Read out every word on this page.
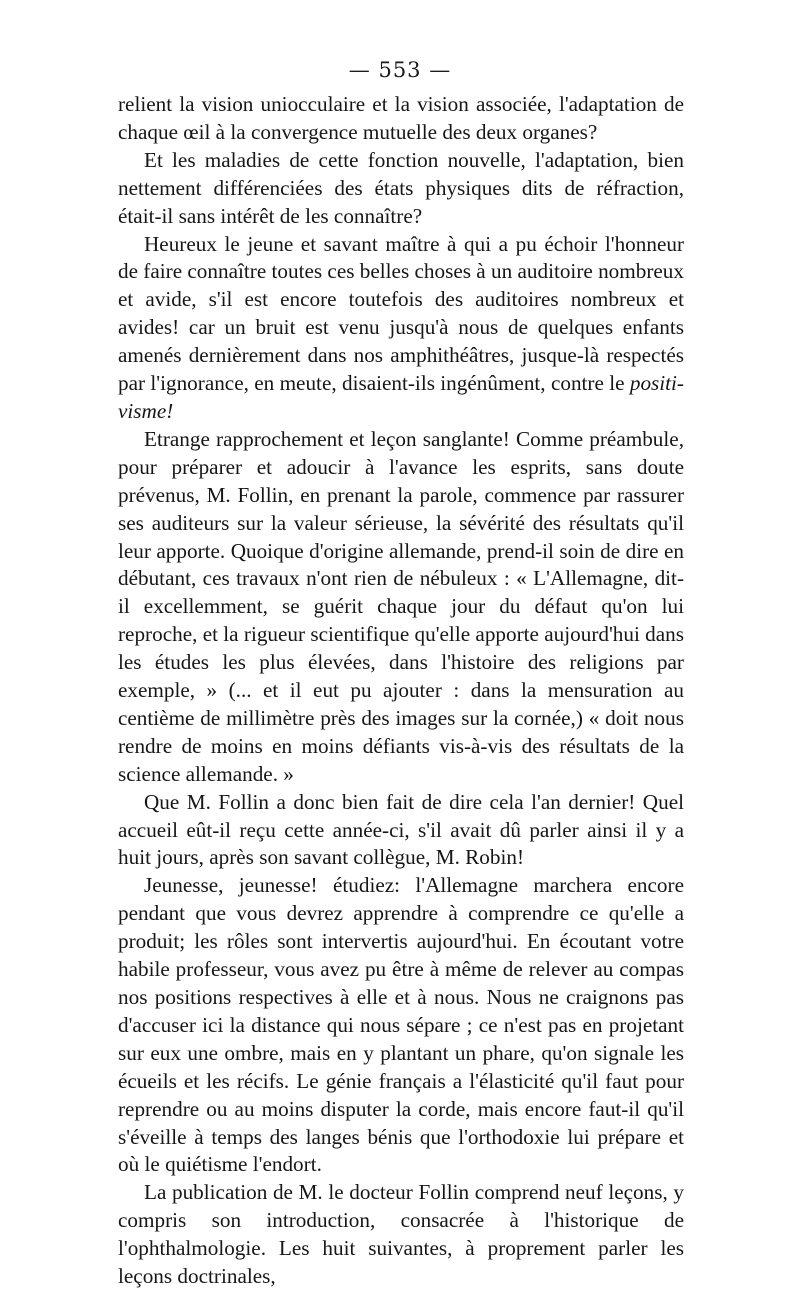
— 553 —

relient la vision uniocculaire et la vision associée, l'adaptation de chaque œil à la convergence mutuelle des deux organes?

Et les maladies de cette fonction nouvelle, l'adaptation, bien nettement différenciées des états physiques dits de réfraction, était-il sans intérêt de les connaître?

Heureux le jeune et savant maître à qui a pu échoir l'honneur de faire connaître toutes ces belles choses à un auditoire nombreux et avide, s'il est encore toutefois des auditoires nombreux et avides! car un bruit est venu jusqu'à nous de quelques enfants amenés dernièrement dans nos amphithéâtres, jusque-là respectés par l'ignorance, en meute, disaient-ils ingénûment, contre le positi-visme!

Etrange rapprochement et leçon sanglante! Comme préambule, pour préparer et adoucir à l'avance les esprits, sans doute prévenus, M. Follin, en prenant la parole, commence par rassurer ses auditeurs sur la valeur sérieuse, la sévérité des résultats qu'il leur apporte. Quoique d'origine allemande, prend-il soin de dire en débutant, ces travaux n'ont rien de nébuleux : « L'Allemagne, dit-il excellemment, se guérit chaque jour du défaut qu'on lui reproche, et la rigueur scientifique qu'elle apporte aujourd'hui dans les études les plus élevées, dans l'histoire des religions par exemple, » (... et il eut pu ajouter : dans la mensuration au centième de millimètre près des images sur la cornée,) « doit nous rendre de moins en moins défiants vis-à-vis des résultats de la science allemande. »

Que M. Follin a donc bien fait de dire cela l'an dernier! Quel accueil eût-il reçu cette année-ci, s'il avait dû parler ainsi il y a huit jours, après son savant collègue, M. Robin!

Jeunesse, jeunesse! étudiez: l'Allemagne marchera encore pendant que vous devrez apprendre à comprendre ce qu'elle a produit; les rôles sont intervertis aujourd'hui. En écoutant votre habile professeur, vous avez pu être à même de relever au compas nos positions respectives à elle et à nous. Nous ne craignons pas d'accuser ici la distance qui nous sépare ; ce n'est pas en projetant sur eux une ombre, mais en y plantant un phare, qu'on signale les écueils et les récifs. Le génie français a l'élasticité qu'il faut pour reprendre ou au moins disputer la corde, mais encore faut-il qu'il s'éveille à temps des langes bénis que l'orthodoxie lui prépare et où le quiétisme l'endort.

La publication de M. le docteur Follin comprend neuf leçons, y compris son introduction, consacrée à l'historique de l'ophthalmologie. Les huit suivantes, à proprement parler les leçons doctrinales,
